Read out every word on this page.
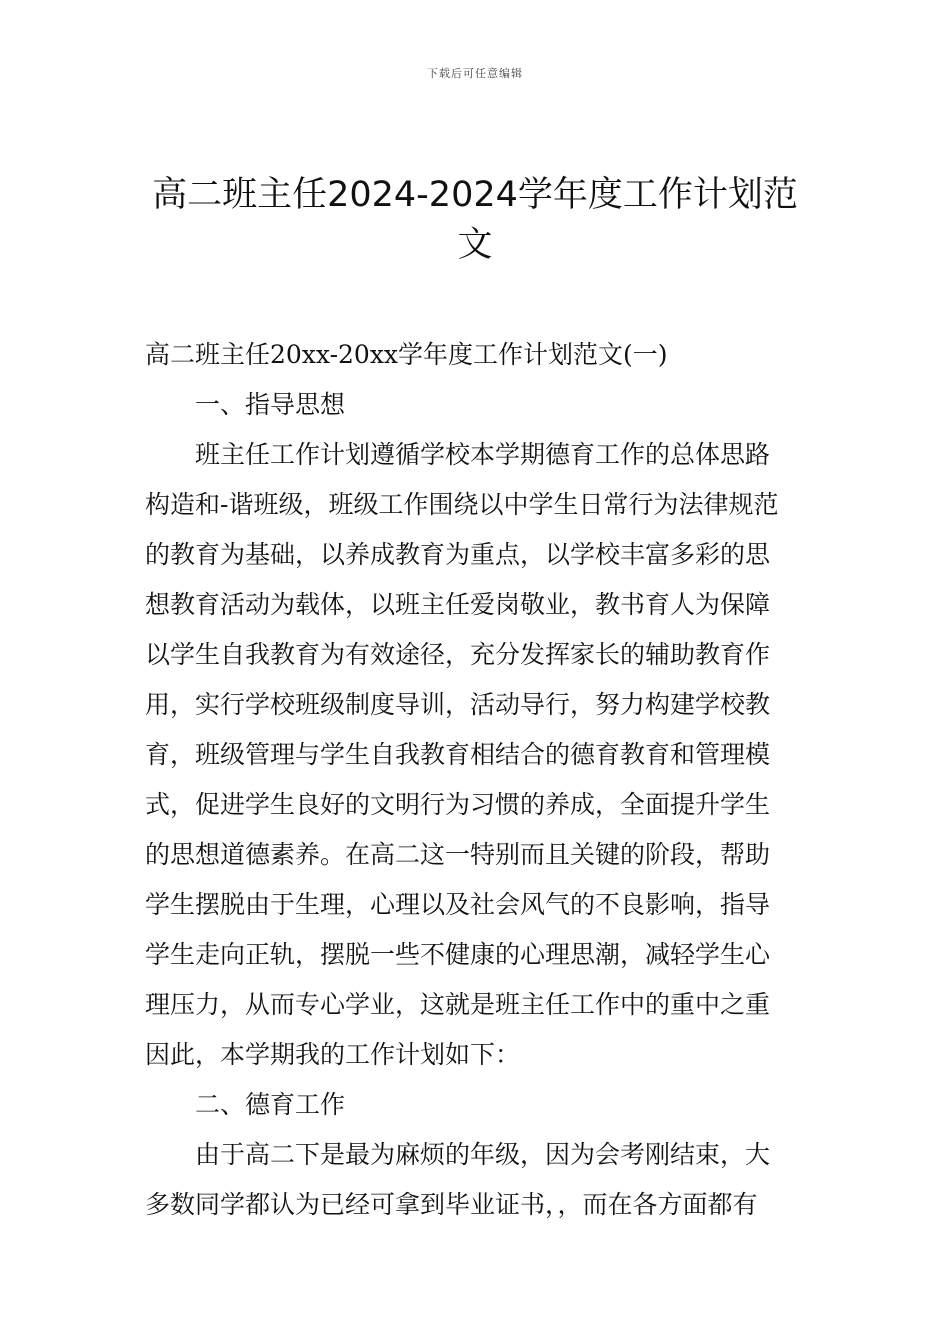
下载后可任意编辑
高二班主任2024-2024学年度工作计划范
文
高二班主任20xx-20xx学年度工作计划范文(一)
一、指导思想
班主任工作计划遵循学校本学期德育工作的总体思路
构造和-谐班级，班级工作围绕以中学生日常行为法律规范
的教育为基础，以养成教育为重点，以学校丰富多彩的思
想教育活动为载体，以班主任爱岗敬业，教书育人为保障
以学生自我教育为有效途径，充分发挥家长的辅助教育作
用，实行学校班级制度导训，活动导行，努力构建学校教
育，班级管理与学生自我教育相结合的德育教育和管理模
式，促进学生良好的文明行为习惯的养成，全面提升学生
的思想道德素养。在高二这一特别而且关键的阶段，帮助
学生摆脱由于生理，心理以及社会风气的不良影响，指导
学生走向正轨，摆脱一些不健康的心理思潮，减轻学生心
理压力，从而专心学业，这就是班主任工作中的重中之重
因此，本学期我的工作计划如下：
二、德育工作
由于高二下是最为麻烦的年级，因为会考刚结束，大
多数同学都认为已经可拿到毕业证书，，而在各方面都有
